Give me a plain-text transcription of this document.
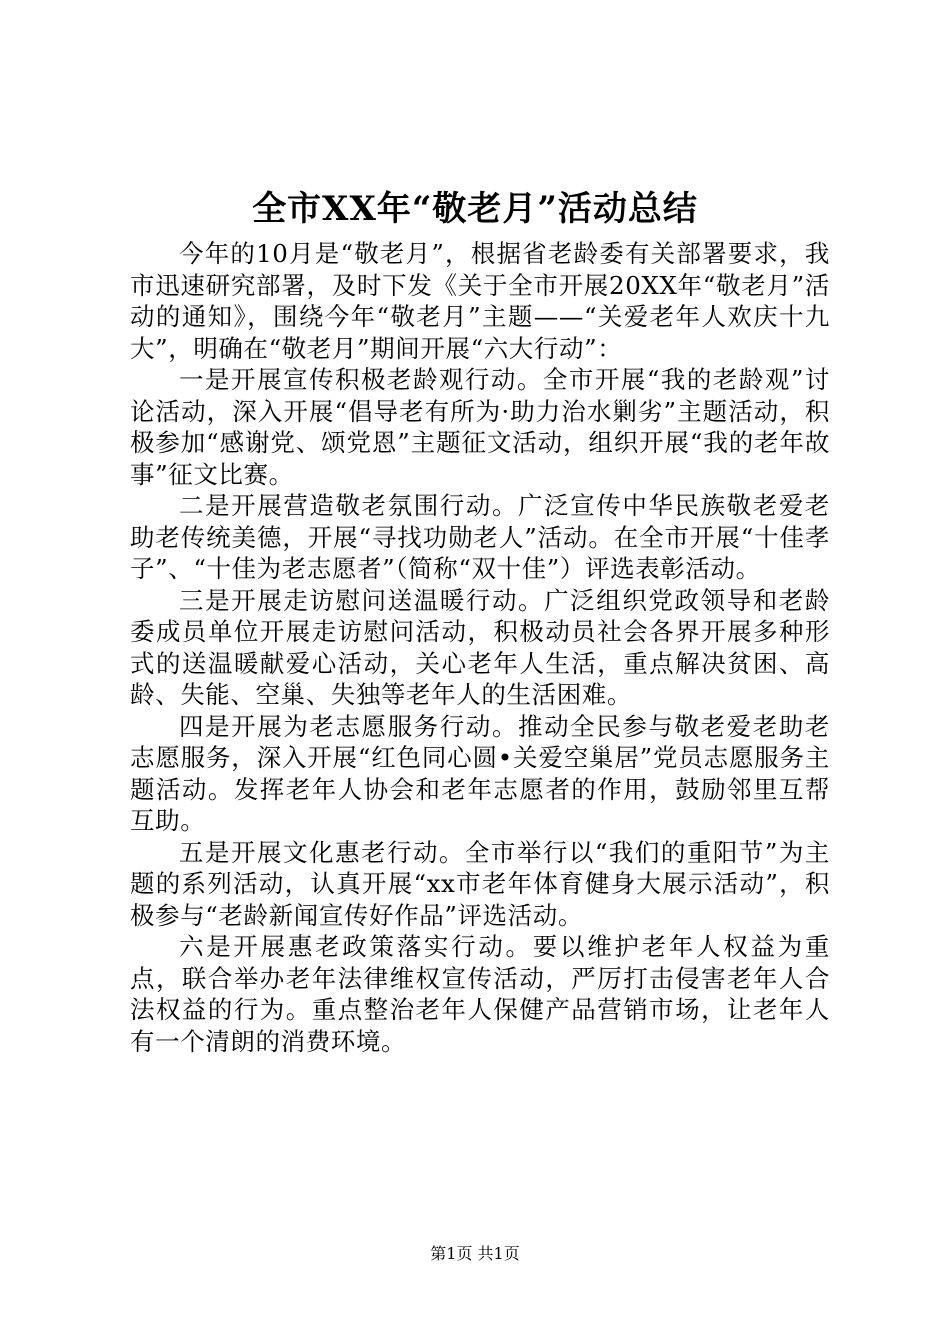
全市XX年“敬老月”活动总结

今年的10月是“敬老月”，根据省老龄委有关部署要求，我市迅速研究部署，及时下发《关于全市开展20XX年“敬老月”活动的通知》，围绕今年“敬老月”主题——“关爱老年人欢庆十九大”，明确在“敬老月”期间开展“六大行动”：

一是开展宣传积极老龄观行动。全市开展“我的老龄观”讨论活动，深入开展“倡导老有所为·助力治水剿劣”主题活动，积极参加“感谢党、颂党恩”主题征文活动，组织开展“我的老年故事”征文比赛。

二是开展营造敬老氛围行动。广泛宣传中华民族敬老爱老助老传统美德，开展“寻找功勋老人”活动。在全市开展“十佳孝子”、“十佳为老志愿者”（简称“双十佳”）评选表彰活动。

三是开展走访慰问送温暖行动。广泛组织党政领导和老龄委成员单位开展走访慰问活动，积极动员社会各界开展多种形式的送温暖献爱心活动，关心老年人生活，重点解决贫困、高龄、失能、空巢、失独等老年人的生活困难。

四是开展为老志愿服务行动。推动全民参与敬老爱老助老志愿服务，深入开展“红色同心圆•关爱空巢居”党员志愿服务主题活动。发挥老年人协会和老年志愿者的作用，鼓励邻里互帮互助。

五是开展文化惠老行动。全市举行以“我们的重阳节”为主题的系列活动，认真开展“xx市老年体育健身大展示活动”，积极参与“老龄新闻宣传好作品”评选活动。

六是开展惠老政策落实行动。要以维护老年人权益为重点，联合举办老年法律维权宣传活动，严厉打击侵害老年人合法权益的行为。重点整治老年人保健产品营销市场，让老年人有一个清朗的消费环境。

第1页 共1页
